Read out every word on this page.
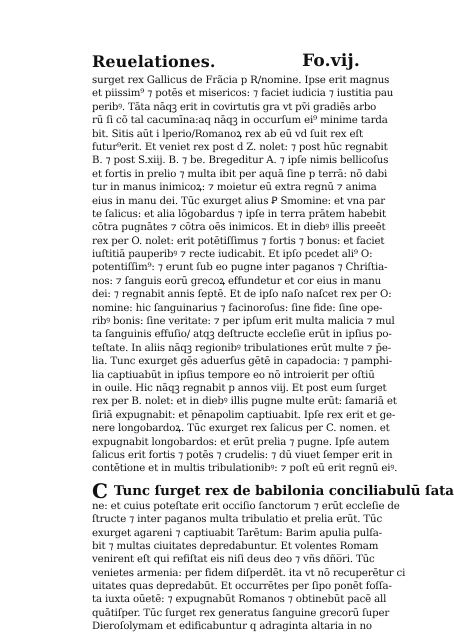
Reuelationes.	Fo.vij.
surget rex Gallicus de Frãcia p R/nomine. Ipse erit magnus
et piissim⁹ ⁊ potēs et misericos: ⁊ faciet iudicia ⁊ iustitia pau
peribꝰ. Tāta nāqꝫ erit in covirtutis gra vt pv̄i gradiēs arbo
rū ſi cõ tal cacumīna:aq nāqꝫ in occurſum ei⁹ minime tarda
bit. Sitis aūt i lperio/Romanoꝝ rex ab eū vd ſuit rex eſt
futur⁹erit. Et veniet rex post d Z. nolet: ⁊ post hūc regnabit
B. ⁊ post S.xiij. B. ⁊ be. Bregeditur A. ⁊ ipſe nimis bellicoſus
et fortis in prelio ⁊ multa ibit per aquā ſine p terrā: nō dabi
tur in manus inimicoꝝ: ⁊ moietur eū extra regnū ⁊ anima
eius in manu dei. Tūc exurget alius Ꝑ Smomine: et vna par
te ſalicus: et alia lōgobardus ⁊ ipſe in terra prātem habebit
cōtra pugnātes ⁊ cōtra oēs inimicos. Et in diebꝰ illis preeēt
rex per O. nolet: erit potētiſſimus ⁊ fortis ⁊ bonus: et faciet
iuſtitiā pauperibꝰ ⁊ recte iudicabit. Et ipſo pcedet ali⁹ O:
potentiſſim⁹: ⁊ erunt ſub eo pugne inter paganos ⁊ Chriſtia-
nos: ⁊ ſanguis eorū grecoꝝ effundetur et cor eius in manu
dei: ⁊ regnabit annis ſeptē. Et de ipſo naſo naſcet rex per O:
nomine: hic ſanguinarius ⁊ facinoroſus: ſine fide: ſine ope-
ribꝰ bonis: ſine veritate: ⁊ per ipſum erit multa malicia ⁊ mul
ta ſanguinis effuſio/ atqꝫ deſtructe eccleſie erūt in ipſius po-
teſtate. In aliis nāqꝫ regionibꝰ tribulationes erūt multe ⁊ p̄e-
lia. Tunc exurget gēs aduerſus gētē in capadocia: ⁊ pamphi-
lia captiuabūt in ipſius tempore eo nō introierit per oſtiū
in ouile. Hic nāqꝫ regnabit p annos viij. Et post eum ſurget
rex per B. nolet: et in diebꝰ illis pugne multe erūt: ſamariā et
ſiriā expugnabit: et pēnapolim captiuabit. Ipſe rex erit et ge-
nere longobardoꝝ. Tūc exurget rex ſalicus per C. nomen. et
expugnabit longobardos: et erūt prelia ⁊ pugne. Ipſe autem
ſalicus erit fortis ⁊ potēs ⁊ crudelis: ⁊ dū viuet ſemper erit in
contētione et in multis tribulationibꝰ: ⁊ poſt eū erit regnū eiꝰ.
C Tunc ſurget rex de babilonia conciliabulū ſata
ne: et cuius poteſtate erit occiſio ſanctorum ⁊ erūt eccleſie de
ſtructe ⁊ inter paganos multa tribulatio et prelia erūt. Tūc
exurget agareni ⁊ captiuabit Tarētum: Barim apulia pulſa-
bit ⁊ multas ciuitates depredabuntur. Et volentes Romam
venirent eſt qui refiſtat eis niſi deus deo ⁊ vñs dño̅ri. Tūc
venietes armenia: per fidem diſperdēt. ita vt nō recuperētur ci
uitates quas depredabūt. Et occurrētes per ſipo ponēt foſſa-
ta iuxta oūetē: ⁊ expugnabūt Romanos ⁊ obtinebūt pacē all
quātiſper. Tūc ſurget rex generatus ſanguine grecorū ſuper
Dieroſolymam et edificabuntur q adraginta altaria in no
